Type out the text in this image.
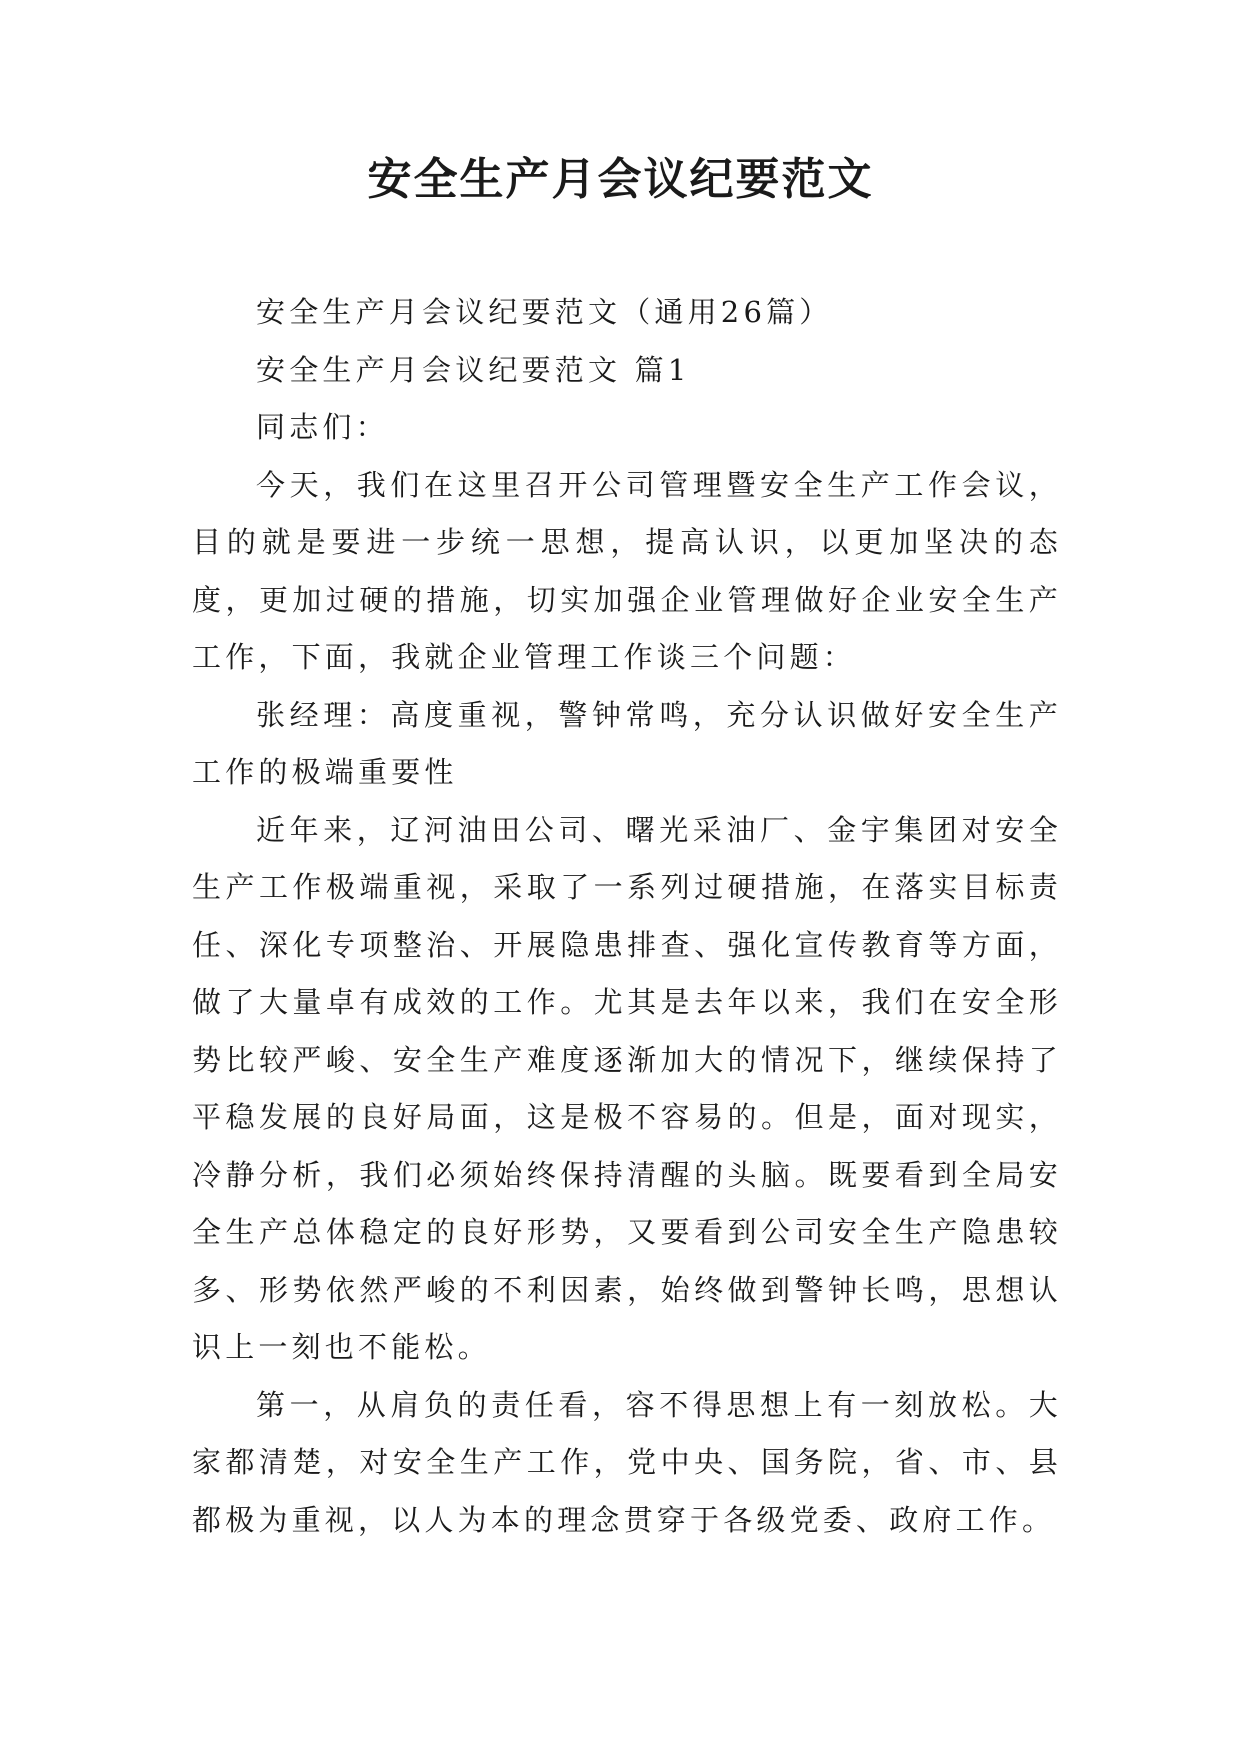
安全生产月会议纪要范文

安全生产月会议纪要范文（通用26篇）

安全生产月会议纪要范文 篇1

同志们：

今天，我们在这里召开公司管理暨安全生产工作会议，目的就是要进一步统一思想，提高认识，以更加坚决的态度，更加过硬的措施，切实加强企业管理做好企业安全生产工作，下面，我就企业管理工作谈三个问题：

张经理：高度重视，警钟常鸣，充分认识做好安全生产工作的极端重要性

近年来，辽河油田公司、曙光采油厂、金宇集团对安全生产工作极端重视，采取了一系列过硬措施，在落实目标责任、深化专项整治、开展隐患排查、强化宣传教育等方面，做了大量卓有成效的工作。尤其是去年以来，我们在安全形势比较严峻、安全生产难度逐渐加大的情况下，继续保持了平稳发展的良好局面，这是极不容易的。但是，面对现实，冷静分析，我们必须始终保持清醒的头脑。既要看到全局安全生产总体稳定的良好形势，又要看到公司安全生产隐患较多、形势依然严峻的不利因素，始终做到警钟长鸣，思想认识上一刻也不能松。

第一，从肩负的责任看，容不得思想上有一刻放松。大家都清楚，对安全生产工作，党中央、国务院，省、市、县都极为重视，以人为本的理念贯穿于各级党委、政府工作。
